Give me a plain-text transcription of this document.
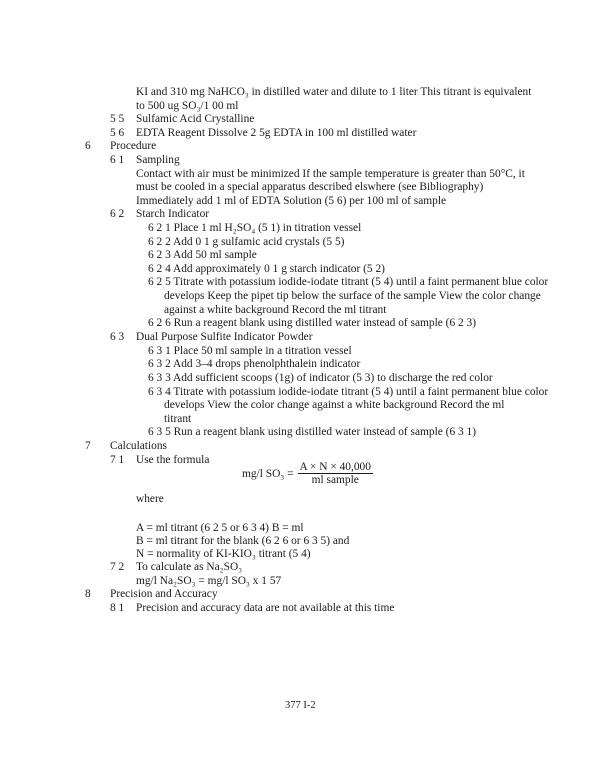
KI and 310 mg NaHCO₃ in distilled water and dilute to 1 liter This titrant is equivalent
to 500 ug SO₃/1 00 ml
5 5 Sulfamic Acid Crystalline
5 6 EDTA Reagent Dissolve 2 5g EDTA in 100 ml distilled water
6 Procedure
6 1 Sampling
Contact with air must be minimized If the sample temperature is greater than 50°C, it
must be cooled in a special apparatus described elswhere (see Bibliography)
Immediately add 1 ml of EDTA Solution (5 6) per 100 ml of sample
6 2 Starch Indicator
6 2 1 Place 1 ml H₂SO₄ (5 1) in titration vessel
6 2 2 Add 0 1 g sulfamic acid crystals (5 5)
6 2 3 Add 50 ml sample
6 2 4 Add approximately 0 1 g starch indicator (5 2)
6 2 5 Titrate with potassium iodide-iodate titrant (5 4) until a faint permanent blue color
develops Keep the pipet tip below the surface of the sample View the color change
against a white background Record the ml titrant
6 2 6 Run a reagent blank using distilled water instead of sample (6 2 3)
6 3 Dual Purpose Sulfite Indicator Powder
6 3 1 Place 50 ml sample in a titration vessel
6 3 2 Add 3–4 drops phenolphthalein indicator
6 3 3 Add sufficient scoops (1g) of indicator (5 3) to discharge the red color
6 3 4 Titrate with potassium iodide-iodate titrant (5 4) until a faint permanent blue color
develops View the color change against a white background Record the ml
titrant
6 3 5 Run a reagent blank using distilled water instead of sample (6 3 1)
7 Calculations
7 1 Use the formula
mg/l $SO_3 = \frac{A \times N \times 40,000}{\text{ml sample}}$
where
A = ml titrant (6 2 5 or 6 3 4) B = ml
B = ml titrant for the blank (6 2 6 or 6 3 5) and
N = normality of KI-KIO₃ titrant (5 4)
7 2 To calculate as Na₂SO₃
mg/l Na₂SO₃ = mg/l SO₃ x 1 57
8 Precision and Accuracy
8 1 Precision and accuracy data are not available at this time
377 I-2
